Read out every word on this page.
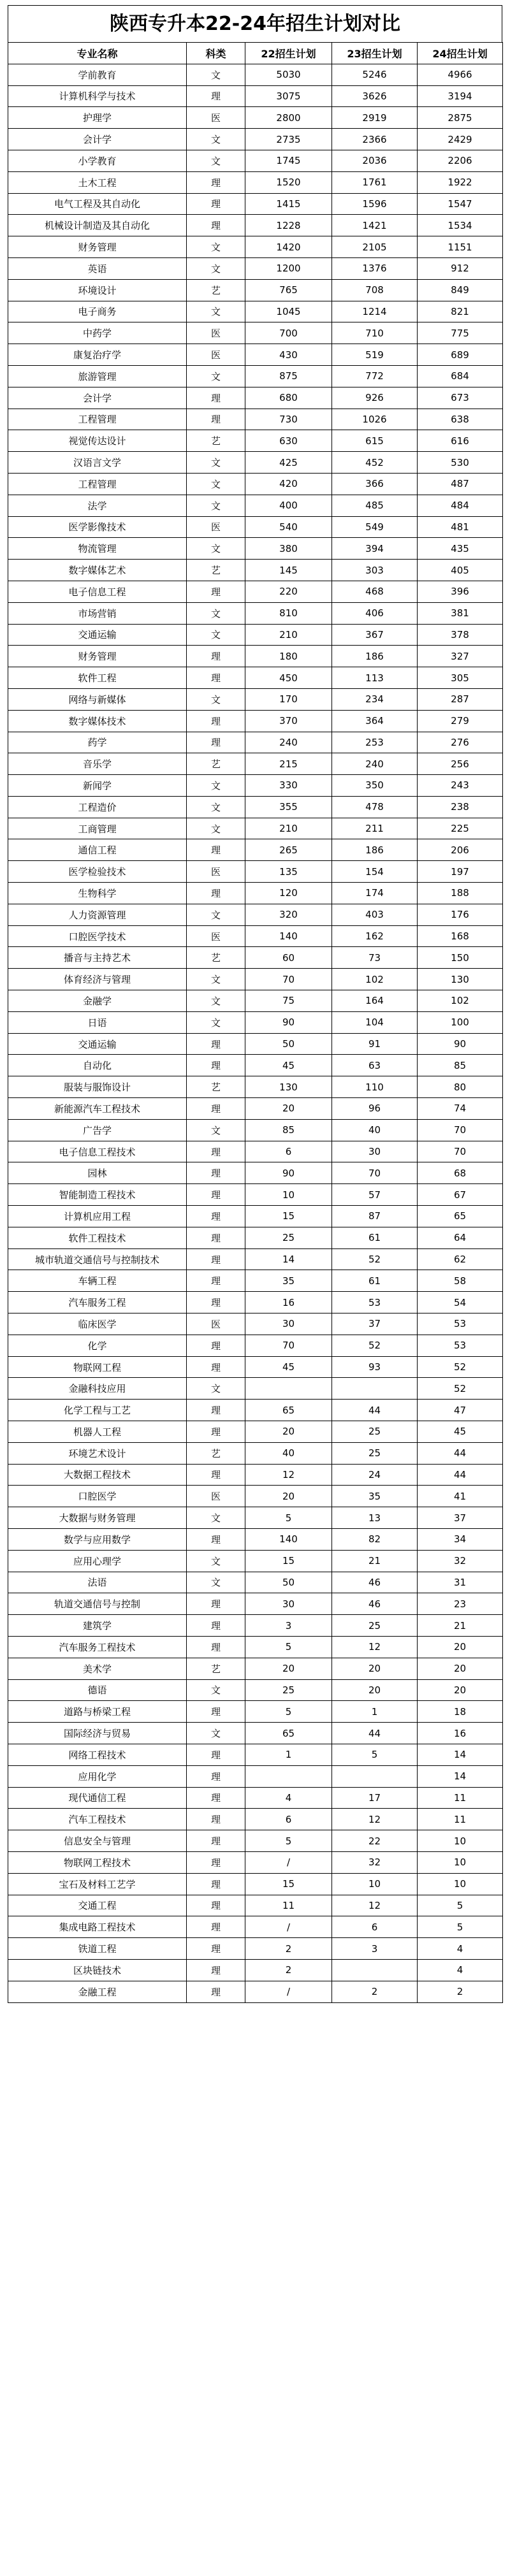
陕西专升本22-24年招生计划对比
专业名称	科类	22招生计划	23招生计划	24招生计划
学前教育	文	5030	5246	4966
计算机科学与技术	理	3075	3626	3194
护理学	医	2800	2919	2875
会计学	文	2735	2366	2429
小学教育	文	1745	2036	2206
土木工程	理	1520	1761	1922
电气工程及其自动化	理	1415	1596	1547
机械设计制造及其自动化	理	1228	1421	1534
财务管理	文	1420	2105	1151
英语	文	1200	1376	912
环境设计	艺	765	708	849
电子商务	文	1045	1214	821
中药学	医	700	710	775
康复治疗学	医	430	519	689
旅游管理	文	875	772	684
会计学	理	680	926	673
工程管理	理	730	1026	638
视觉传达设计	艺	630	615	616
汉语言文学	文	425	452	530
工程管理	文	420	366	487
法学	文	400	485	484
医学影像技术	医	540	549	481
物流管理	文	380	394	435
数字媒体艺术	艺	145	303	405
电子信息工程	理	220	468	396
市场营销	文	810	406	381
交通运输	文	210	367	378
财务管理	理	180	186	327
软件工程	理	450	113	305
网络与新媒体	文	170	234	287
数字媒体技术	理	370	364	279
药学	理	240	253	276
音乐学	艺	215	240	256
新闻学	文	330	350	243
工程造价	文	355	478	238
工商管理	文	210	211	225
通信工程	理	265	186	206
医学检验技术	医	135	154	197
生物科学	理	120	174	188
人力资源管理	文	320	403	176
口腔医学技术	医	140	162	168
播音与主持艺术	艺	60	73	150
体育经济与管理	文	70	102	130
金融学	文	75	164	102
日语	文	90	104	100
交通运输	理	50	91	90
自动化	理	45	63	85
服装与服饰设计	艺	130	110	80
新能源汽车工程技术	理	20	96	74
广告学	文	85	40	70
电子信息工程技术	理	6	30	70
园林	理	90	70	68
智能制造工程技术	理	10	57	67
计算机应用工程	理	15	87	65
软件工程技术	理	25	61	64
城市轨道交通信号与控制技术	理	14	52	62
车辆工程	理	35	61	58
汽车服务工程	理	16	53	54
临床医学	医	30	37	53
化学	理	70	52	53
物联网工程	理	45	93	52
金融科技应用	文			52
化学工程与工艺	理	65	44	47
机器人工程	理	20	25	45
环境艺术设计	艺	40	25	44
大数据工程技术	理	12	24	44
口腔医学	医	20	35	41
大数据与财务管理	文	5	13	37
数学与应用数学	理	140	82	34
应用心理学	文	15	21	32
法语	文	50	46	31
轨道交通信号与控制	理	30	46	23
建筑学	理	3	25	21
汽车服务工程技术	理	5	12	20
美术学	艺	20	20	20
德语	文	25	20	20
道路与桥梁工程	理	5	1	18
国际经济与贸易	文	65	44	16
网络工程技术	理	1	5	14
应用化学	理			14
现代通信工程	理	4	17	11
汽车工程技术	理	6	12	11
信息安全与管理	理	5	22	10
物联网工程技术	理	/	32	10
宝石及材料工艺学	理	15	10	10
交通工程	理	11	12	5
集成电路工程技术	理	/	6	5
铁道工程	理	2	3	4
区块链技术	理	2		4
金融工程	理	/	2	2
